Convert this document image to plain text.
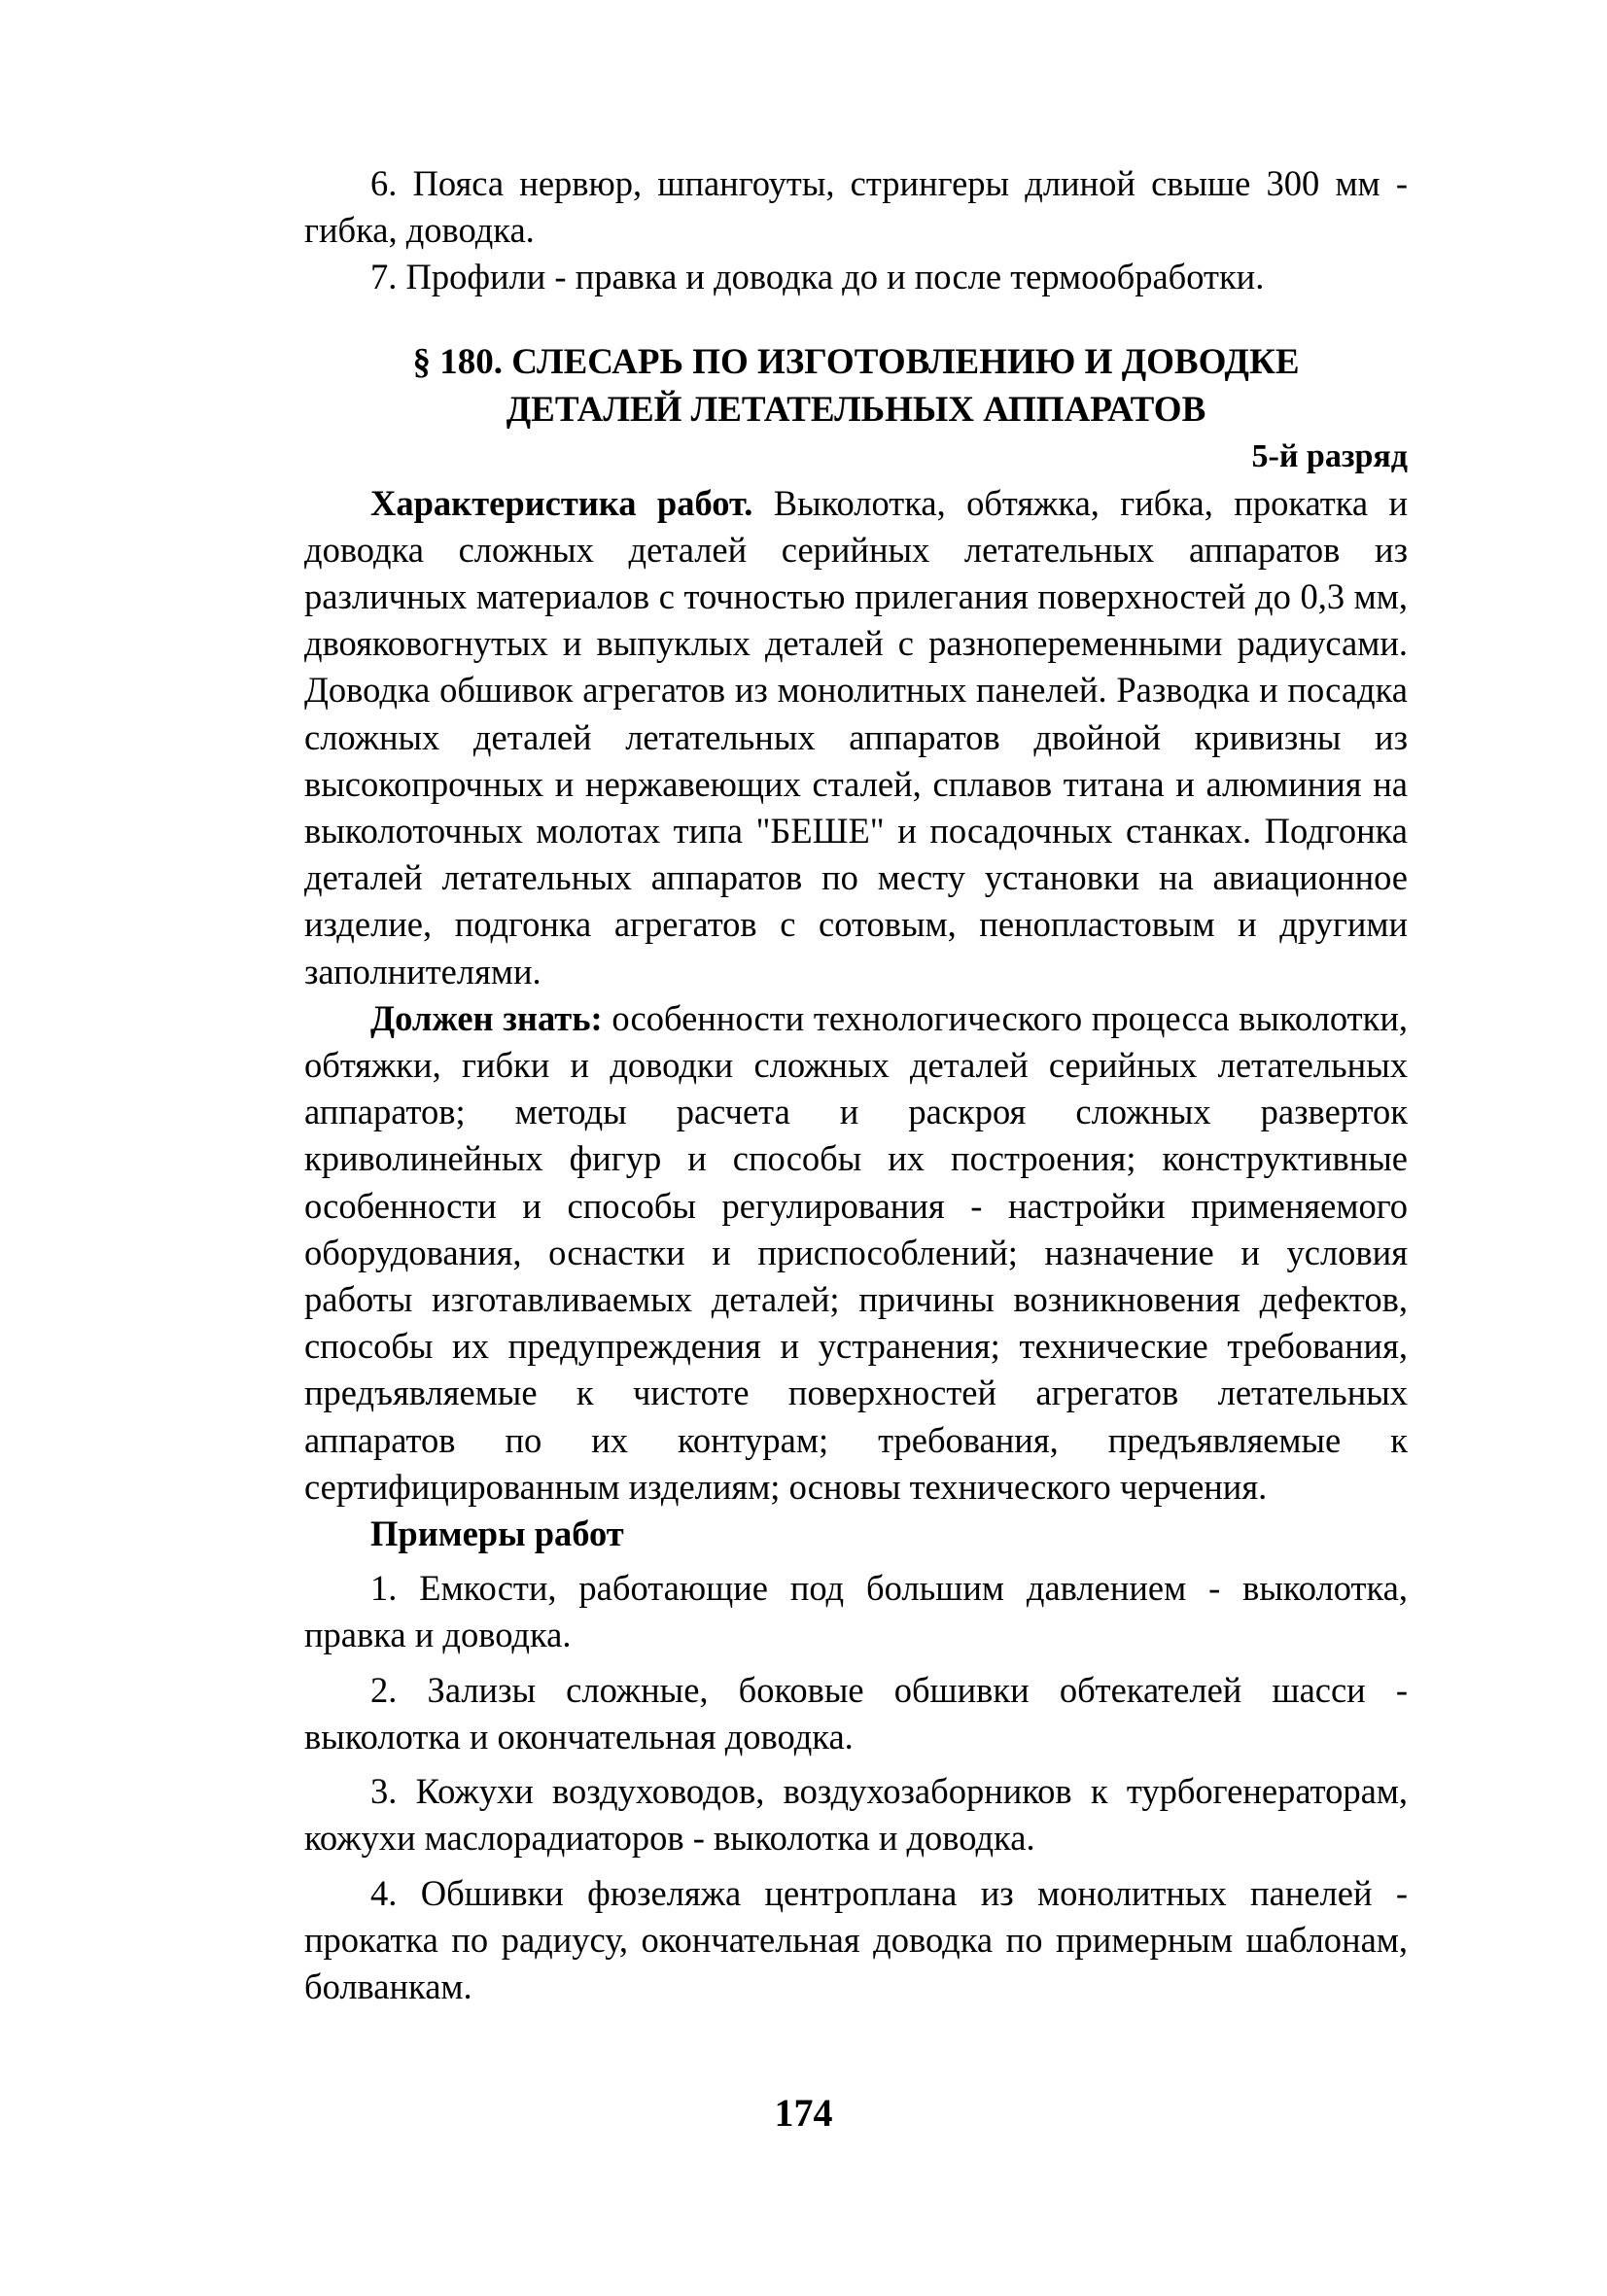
6. Пояса нервюр, шпангоуты, стрингеры длиной свыше 300 мм - гибка, доводка.

7. Профили - правка и доводка до и после термообработки.

§ 180. СЛЕСАРЬ ПО ИЗГОТОВЛЕНИЮ И ДОВОДКЕ
ДЕТАЛЕЙ ЛЕТАТЕЛЬНЫХ АППАРАТОВ
5-й разряд

Характеристика работ. Выколотка, обтяжка, гибка, прокатка и доводка сложных деталей серийных летательных аппаратов из различных материалов с точностью прилегания поверхностей до 0,3 мм, двояковогнутых и выпуклых деталей с разнопеременными радиусами. Доводка обшивок агрегатов из монолитных панелей. Разводка и посадка сложных деталей летательных аппаратов двойной кривизны из высокопрочных и нержавеющих сталей, сплавов титана и алюминия на выколоточных молотах типа "БЕШЕ" и посадочных станках. Подгонка деталей летательных аппаратов по месту установки на авиационное изделие, подгонка агрегатов с сотовым, пенопластовым и другими заполнителями.

Должен знать: особенности технологического процесса выколотки, обтяжки, гибки и доводки сложных деталей серийных летательных аппаратов; методы расчета и раскроя сложных разверток криволинейных фигур и способы их построения; конструктивные особенности и способы регулирования - настройки применяемого оборудования, оснастки и приспособлений; назначение и условия работы изготавливаемых деталей; причины возникновения дефектов, способы их предупреждения и устранения; технические требования, предъявляемые к чистоте поверхностей агрегатов летательных аппаратов по их контурам; требования, предъявляемые к сертифицированным изделиям; основы технического черчения.

Примеры работ

1. Емкости, работающие под большим давлением - выколотка, правка и доводка.

2. Зализы сложные, боковые обшивки обтекателей шасси - выколотка и окончательная доводка.

3. Кожухи воздуховодов, воздухозаборников к турбогенераторам, кожухи маслорадиаторов - выколотка и доводка.

4. Обшивки фюзеляжа центроплана из монолитных панелей - прокатка по радиусу, окончательная доводка по примерным шаблонам, болванкам.

174
